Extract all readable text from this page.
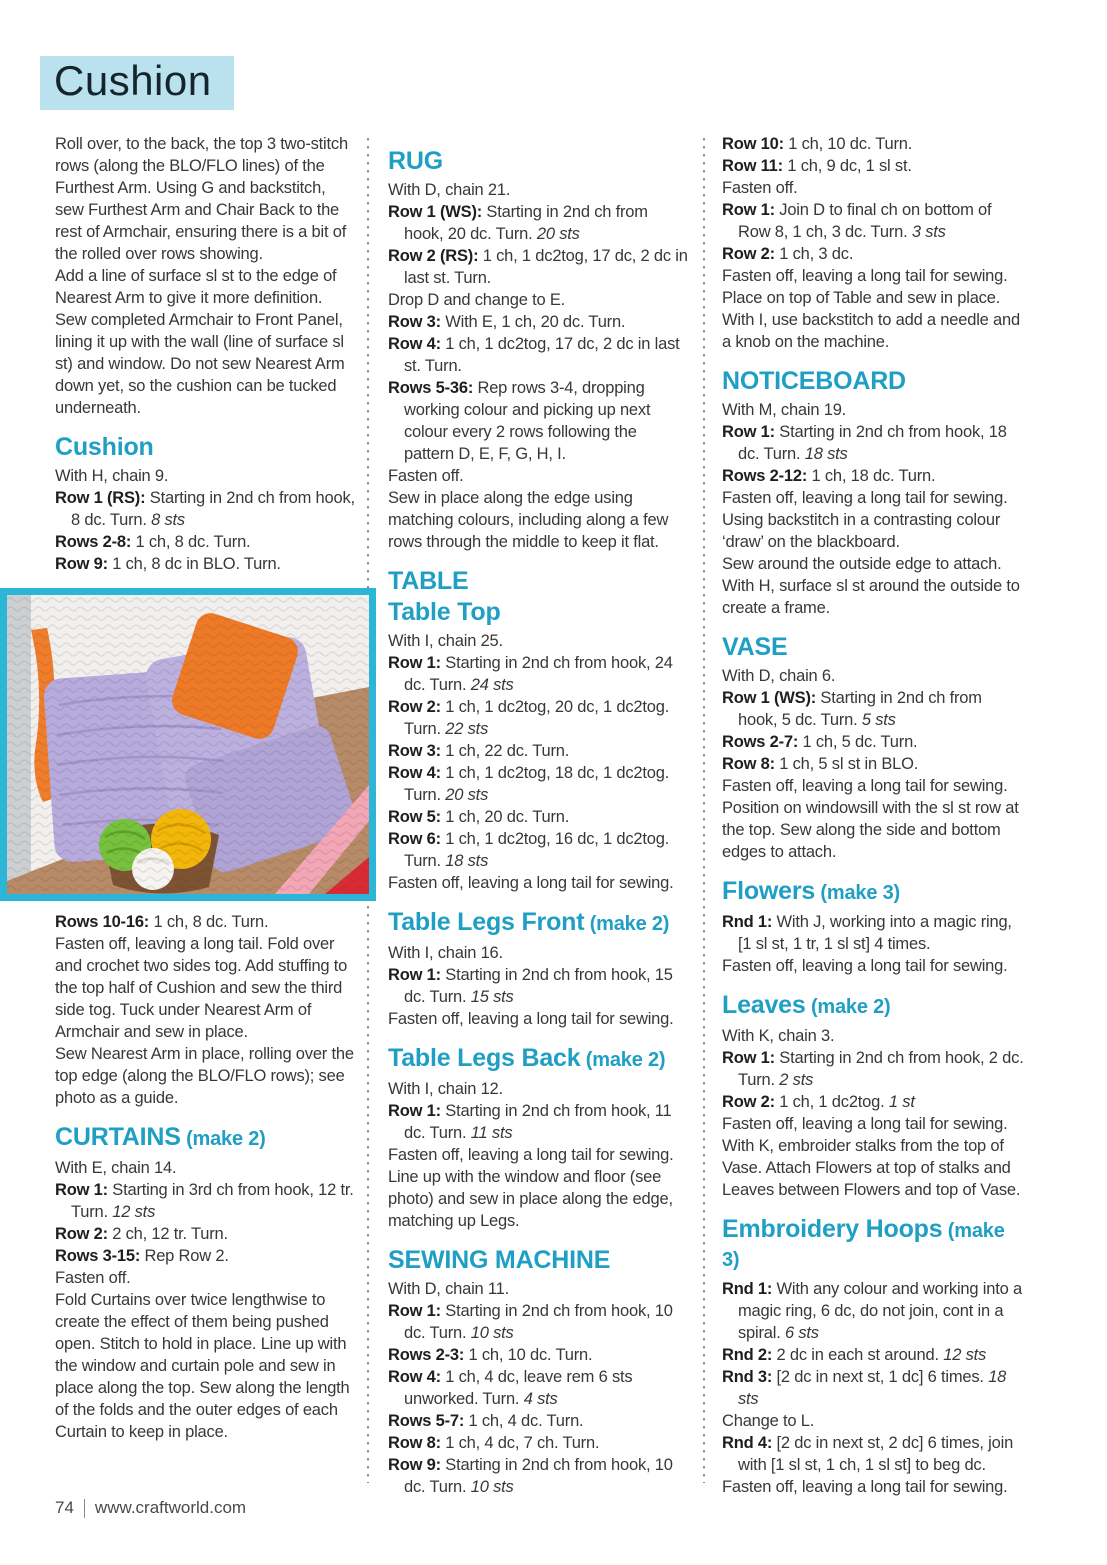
Cushion

Roll over, to the back, the top 3 two-stitch rows (along the BLO/FLO lines) of the Furthest Arm. Using G and backstitch, sew Furthest Arm and Chair Back to the rest of Armchair, ensuring there is a bit of the rolled over rows showing.

Add a line of surface sl st to the edge of Nearest Arm to give it more definition.

Sew completed Armchair to Front Panel, lining it up with the wall (line of surface sl st) and window. Do not sew Nearest Arm down yet, so the cushion can be tucked underneath.

Cushion

With H, chain 9.

Row 1 (RS): Starting in 2nd ch from hook, 8 dc. Turn. 8 sts

Rows 2-8: 1 ch, 8 dc. Turn.

Row 9: 1 ch, 8 dc in BLO. Turn.

Rows 10-16: 1 ch, 8 dc. Turn.

Fasten off, leaving a long tail. Fold over and crochet two sides tog. Add stuffing to the top half of Cushion and sew the third side tog. Tuck under Nearest Arm of Armchair and sew in place.

Sew Nearest Arm in place, rolling over the top edge (along the BLO/FLO rows); see photo as a guide.

CURTAINS (make 2)

With E, chain 14.

Row 1: Starting in 3rd ch from hook, 12 tr. Turn. 12 sts

Row 2: 2 ch, 12 tr. Turn.

Rows 3-15: Rep Row 2.

Fasten off.

Fold Curtains over twice lengthwise to create the effect of them being pushed open. Stitch to hold in place. Line up with the window and curtain pole and sew in place along the top. Sew along the length of the folds and the outer edges of each Curtain to keep in place.

RUG

With D, chain 21.

Row 1 (WS): Starting in 2nd ch from hook, 20 dc. Turn. 20 sts

Row 2 (RS): 1 ch, 1 dc2tog, 17 dc, 2 dc in last st. Turn.

Drop D and change to E.

Row 3: With E, 1 ch, 20 dc. Turn.

Row 4: 1 ch, 1 dc2tog, 17 dc, 2 dc in last st. Turn.

Rows 5-36: Rep rows 3-4, dropping working colour and picking up next colour every 2 rows following the pattern D, E, F, G, H, I.

Fasten off.

Sew in place along the edge using matching colours, including along a few rows through the middle to keep it flat.

TABLE
Table Top

With I, chain 25.

Row 1: Starting in 2nd ch from hook, 24 dc. Turn. 24 sts

Row 2: 1 ch, 1 dc2tog, 20 dc, 1 dc2tog. Turn. 22 sts

Row 3: 1 ch, 22 dc. Turn.

Row 4: 1 ch, 1 dc2tog, 18 dc, 1 dc2tog. Turn. 20 sts

Row 5: 1 ch, 20 dc. Turn.

Row 6: 1 ch, 1 dc2tog, 16 dc, 1 dc2tog. Turn. 18 sts

Fasten off, leaving a long tail for sewing.

Table Legs Front (make 2)

With I, chain 16.

Row 1: Starting in 2nd ch from hook, 15 dc. Turn. 15 sts

Fasten off, leaving a long tail for sewing.

Table Legs Back (make 2)

With I, chain 12.

Row 1: Starting in 2nd ch from hook, 11 dc. Turn. 11 sts

Fasten off, leaving a long tail for sewing.

Line up with the window and floor (see photo) and sew in place along the edge, matching up Legs.

SEWING MACHINE

With D, chain 11.

Row 1: Starting in 2nd ch from hook, 10 dc. Turn. 10 sts

Rows 2-3: 1 ch, 10 dc. Turn.

Row 4: 1 ch, 4 dc, leave rem 6 sts unworked. Turn. 4 sts

Rows 5-7: 1 ch, 4 dc. Turn.

Row 8: 1 ch, 4 dc, 7 ch. Turn.

Row 9: Starting in 2nd ch from hook, 10 dc. Turn. 10 sts

Row 10: 1 ch, 10 dc. Turn.

Row 11: 1 ch, 9 dc, 1 sl st.

Fasten off.

Row 1: Join D to final ch on bottom of Row 8, 1 ch, 3 dc. Turn. 3 sts

Row 2: 1 ch, 3 dc.

Fasten off, leaving a long tail for sewing.

Place on top of Table and sew in place.

With I, use backstitch to add a needle and a knob on the machine.

NOTICEBOARD

With M, chain 19.

Row 1: Starting in 2nd ch from hook, 18 dc. Turn. 18 sts

Rows 2-12: 1 ch, 18 dc. Turn.

Fasten off, leaving a long tail for sewing.

Using backstitch in a contrasting colour ‘draw’ on the blackboard.

Sew around the outside edge to attach.

With H, surface sl st around the outside to create a frame.

VASE

With D, chain 6.

Row 1 (WS): Starting in 2nd ch from hook, 5 dc. Turn. 5 sts

Rows 2-7: 1 ch, 5 dc. Turn.

Row 8: 1 ch, 5 sl st in BLO.

Fasten off, leaving a long tail for sewing.

Position on windowsill with the sl st row at the top. Sew along the side and bottom edges to attach.

Flowers (make 3)

Rnd 1: With J, working into a magic ring, [1 sl st, 1 tr, 1 sl st] 4 times.

Fasten off, leaving a long tail for sewing.

Leaves (make 2)

With K, chain 3.

Row 1: Starting in 2nd ch from hook, 2 dc. Turn. 2 sts

Row 2: 1 ch, 1 dc2tog. 1 st

Fasten off, leaving a long tail for sewing.

With K, embroider stalks from the top of Vase. Attach Flowers at top of stalks and Leaves between Flowers and top of Vase.

Embroidery Hoops (make 3)

Rnd 1: With any colour and working into a magic ring, 6 dc, do not join, cont in a spiral. 6 sts

Rnd 2: 2 dc in each st around. 12 sts

Rnd 3: [2 dc in next st, 1 dc] 6 times. 18 sts

Change to L.

Rnd 4: [2 dc in next st, 2 dc] 6 times, join with [1 sl st, 1 ch, 1 sl st] to beg dc.

Fasten off, leaving a long tail for sewing.

74 www.craftworld.com
